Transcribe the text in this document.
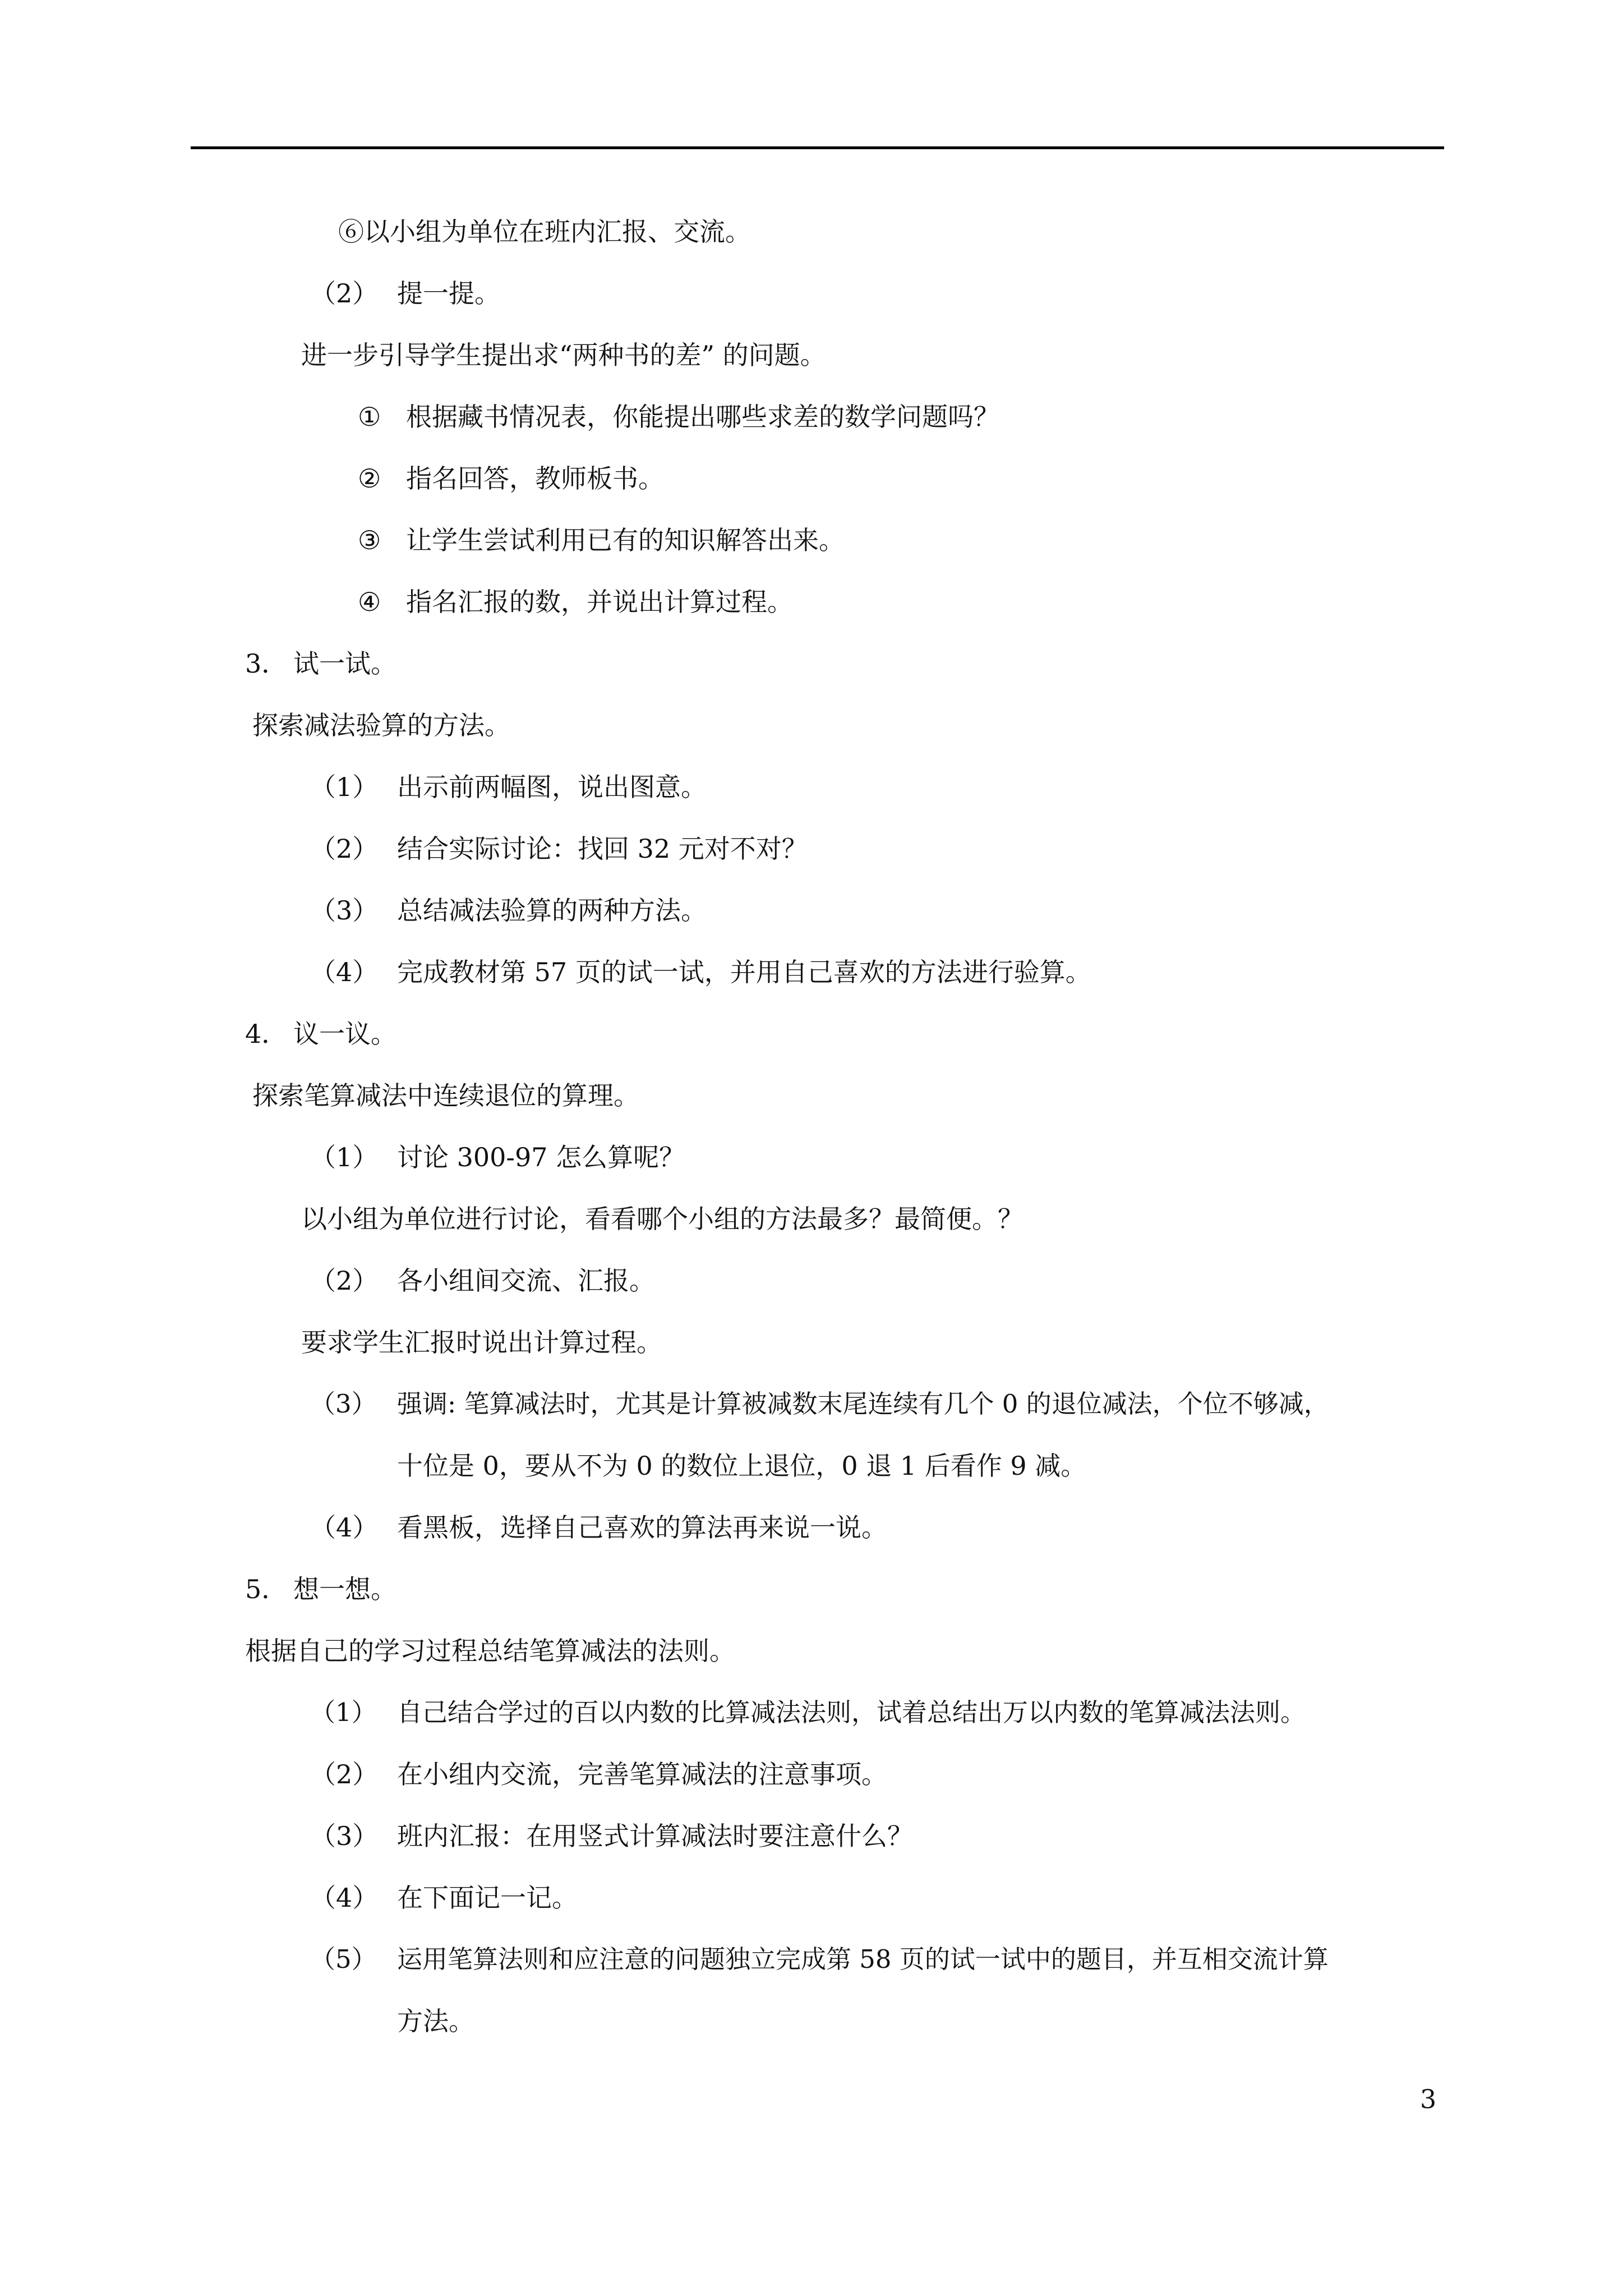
⑥以小组为单位在班内汇报、交流。
（2） 提一提。
进一步引导学生提出求“两种书的差” 的问题。
① 根据藏书情况表，你能提出哪些求差的数学问题吗？
② 指名回答，教师板书。
③ 让学生尝试利用已有的知识解答出来。
④ 指名汇报的数，并说出计算过程。
3． 试一试。
探索减法验算的方法。
（1） 出示前两幅图，说出图意。
（2） 结合实际讨论：找回 32 元对不对？
（3） 总结减法验算的两种方法。
（4） 完成教材第 57 页的试一试，并用自己喜欢的方法进行验算。
4． 议一议。
探索笔算减法中连续退位的算理。
（1） 讨论 300-97 怎么算呢？
以小组为单位进行讨论，看看哪个小组的方法最多？最简便。？
（2） 各小组间交流、汇报。
要求学生汇报时说出计算过程。
（3） 强调: 笔算减法时，尤其是计算被减数末尾连续有几个 0 的退位减法，个位不够减，
十位是 0，要从不为 0 的数位上退位，0 退 1 后看作 9 减。
（4） 看黑板，选择自己喜欢的算法再来说一说。
5． 想一想。
根据自己的学习过程总结笔算减法的法则。
（1） 自己结合学过的百以内数的比算减法法则，试着总结出万以内数的笔算减法法则。
（2） 在小组内交流，完善笔算减法的注意事项。
（3） 班内汇报：在用竖式计算减法时要注意什么？
（4） 在下面记一记。
（5） 运用笔算法则和应注意的问题独立完成第 58 页的试一试中的题目，并互相交流计算
方法。
3
